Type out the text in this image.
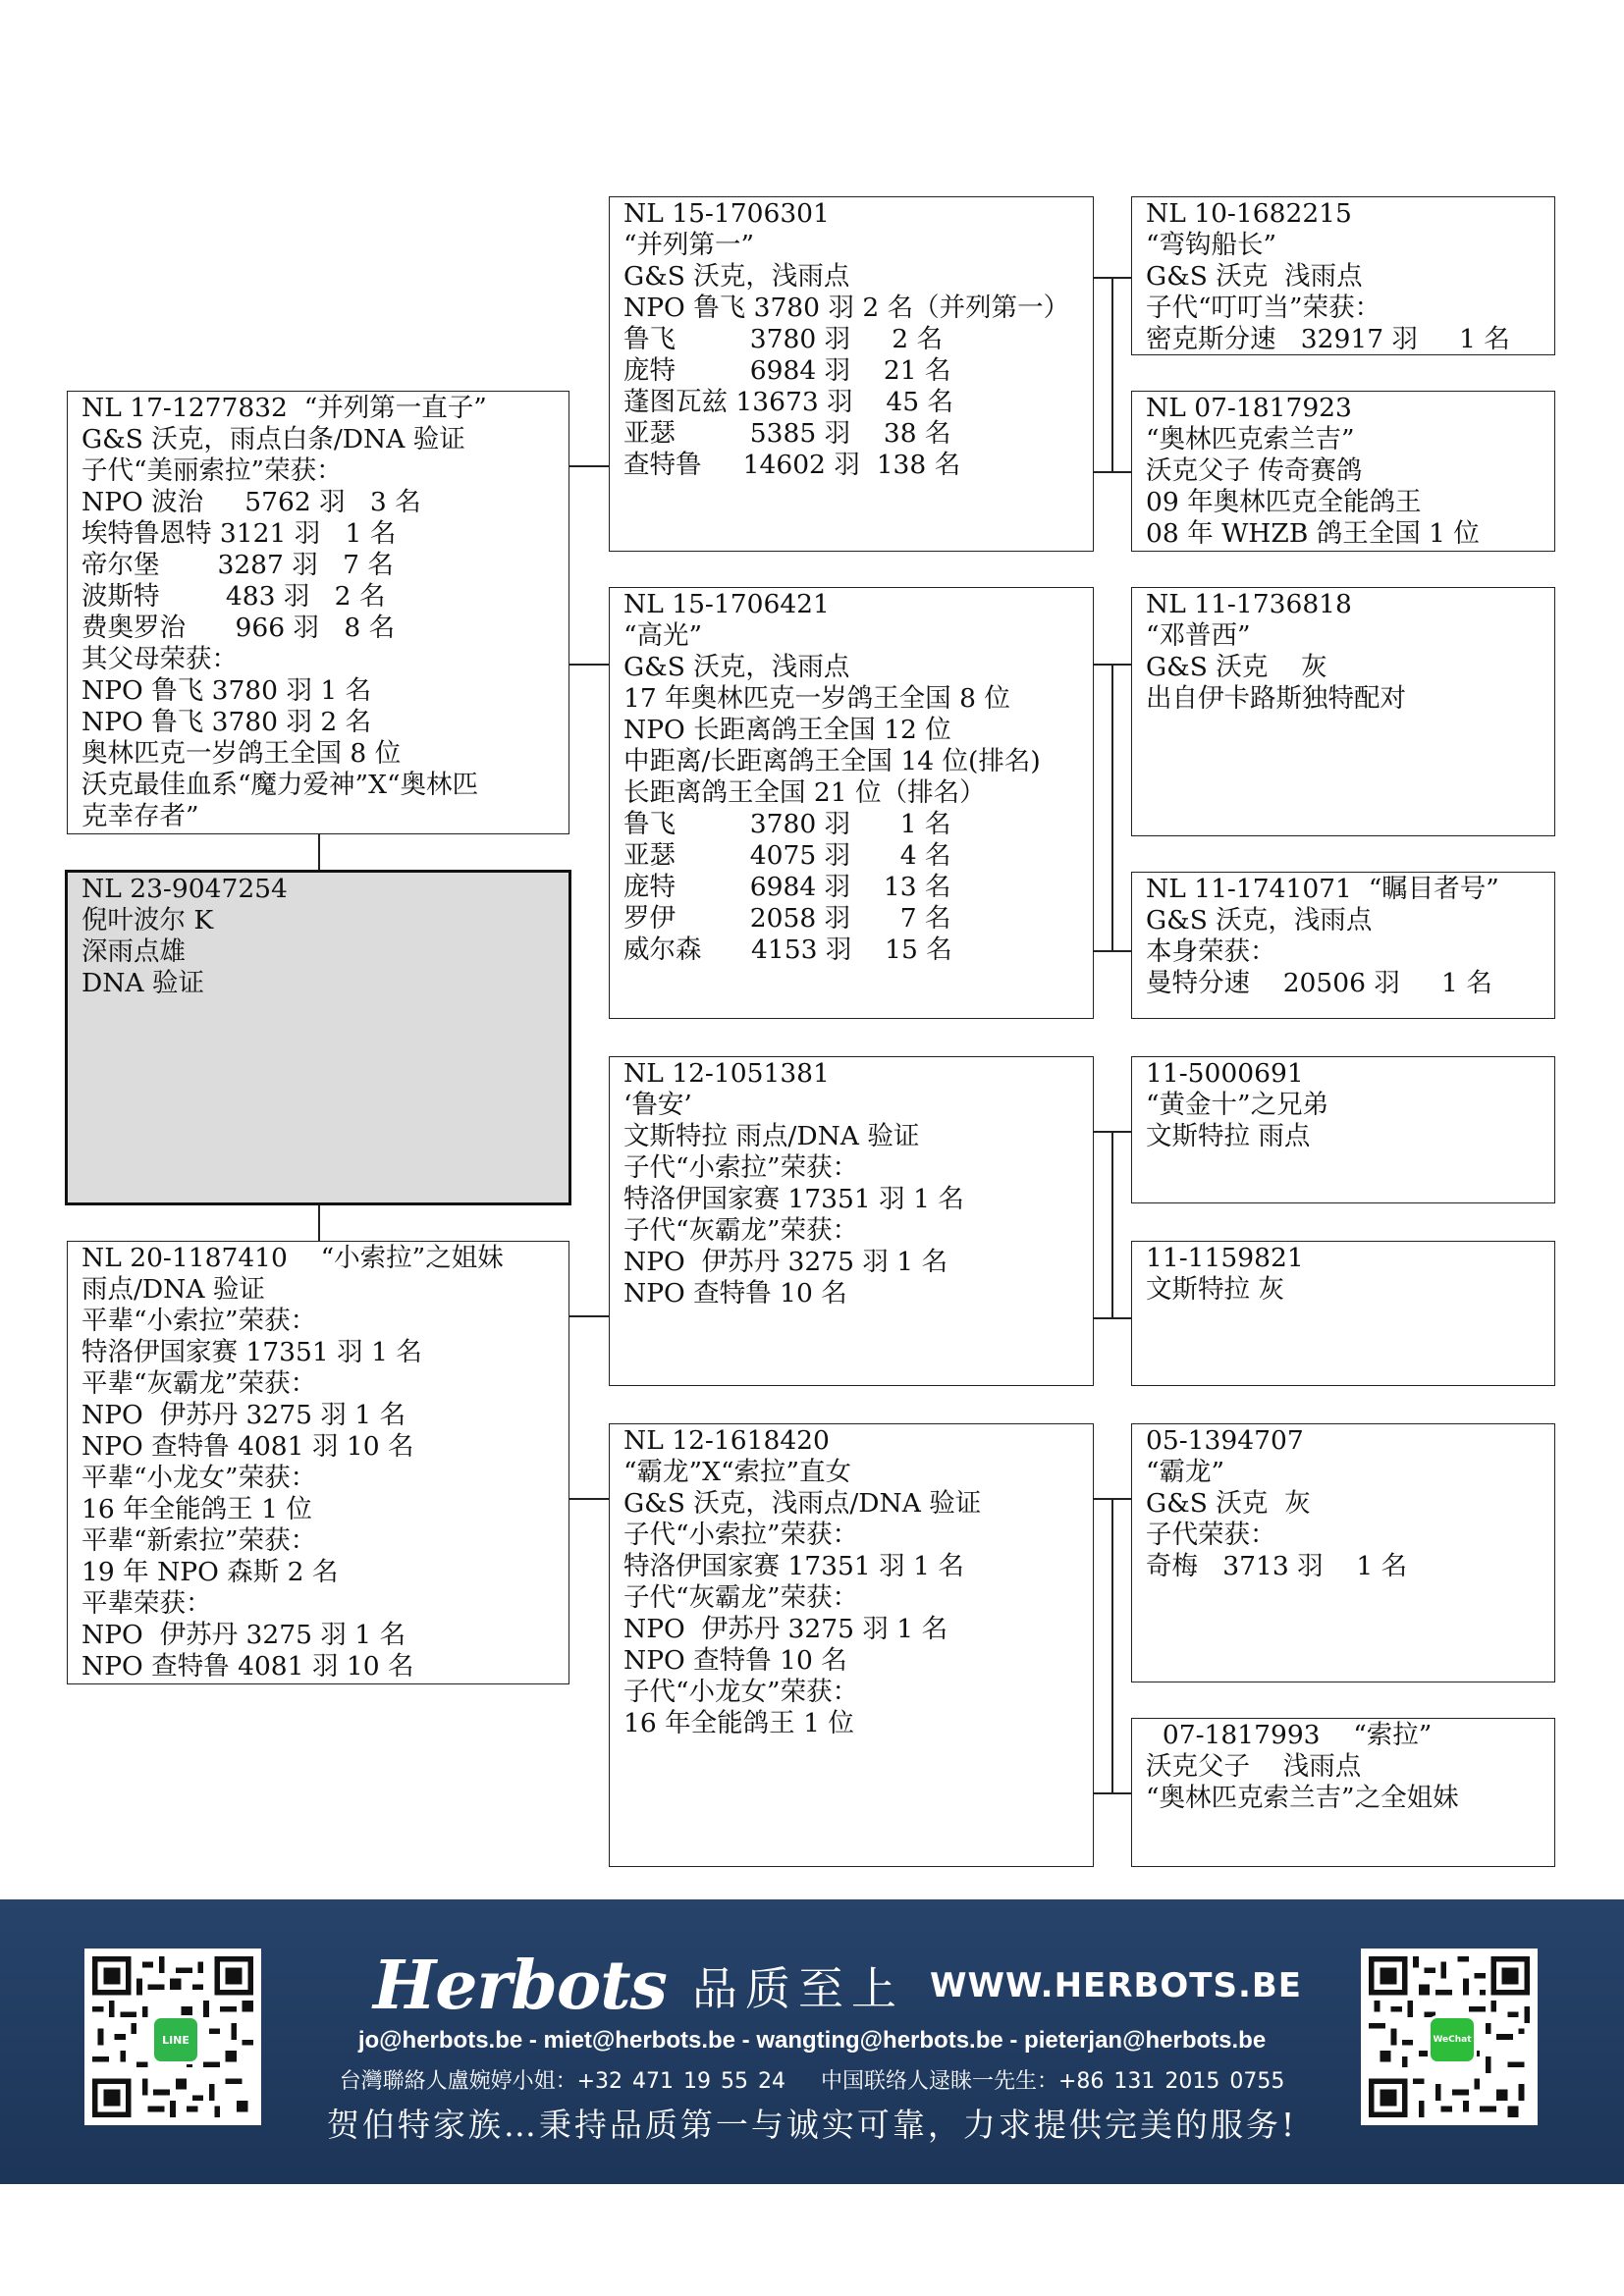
NL 15-1706301
“并列第一”
G&S 沃克，浅雨点
NPO 鲁飞 3780 羽 2 名（并列第一）
鲁飞         3780 羽     2 名
庞特         6984 羽    21 名
蓬图瓦兹 13673 羽    45 名
亚瑟         5385 羽    38 名
查特鲁     14602 羽  138 名
NL 10-1682215
“弯钩船长”
G&S 沃克  浅雨点
子代“叮叮当”荣获：
密克斯分速   32917 羽     1 名
NL 07-1817923
“奥林匹克索兰吉”
沃克父子 传奇赛鸽
09 年奥林匹克全能鸽王
08 年 WHZB 鸽王全国 1 位
NL 17-1277832  “并列第一直子”
G&S 沃克，雨点白条/DNA 验证
子代“美丽索拉”荣获：
NPO 波治     5762 羽   3 名
埃特鲁恩特 3121 羽   1 名
帝尔堡       3287 羽   7 名
波斯特        483 羽   2 名
费奥罗治      966 羽   8 名
其父母荣获：
NPO 鲁飞 3780 羽 1 名
NPO 鲁飞 3780 羽 2 名
奥林匹克一岁鸽王全国 8 位
沃克最佳血系“魔力爱神”X“奥林匹
克幸存者”
NL 15-1706421
“高光”
G&S 沃克，浅雨点
17 年奥林匹克一岁鸽王全国 8 位
NPO 长距离鸽王全国 12 位
中距离/长距离鸽王全国 14 位(排名)
长距离鸽王全国 21 位（排名）
鲁飞         3780 羽      1 名
亚瑟         4075 羽      4 名
庞特         6984 羽    13 名
罗伊         2058 羽      7 名
威尔森      4153 羽    15 名
NL 11-1736818
“邓普西”
G&S 沃克    灰
出自伊卡路斯独特配对
NL 11-1741071  “瞩目者号”
G&S 沃克，浅雨点
本身荣获：
曼特分速    20506 羽     1 名
NL 23-9047254
倪叶波尔 K
深雨点雄
DNA 验证
NL 12-1051381
‘鲁安’
文斯特拉 雨点/DNA 验证
子代“小索拉”荣获：
特洛伊国家赛 17351 羽 1 名
子代“灰霸龙”荣获：
NPO  伊苏丹 3275 羽 1 名
NPO 查特鲁 10 名
11-5000691
“黄金十”之兄弟
文斯特拉 雨点
11-1159821
文斯特拉 灰
NL 20-1187410    “小索拉”之姐妹
雨点/DNA 验证
平辈“小索拉”荣获：
特洛伊国家赛 17351 羽 1 名
平辈“灰霸龙”荣获：
NPO  伊苏丹 3275 羽 1 名
NPO 查特鲁 4081 羽 10 名
平辈“小龙女”荣获：
16 年全能鸽王 1 位
平辈“新索拉”荣获：
19 年 NPO 森斯 2 名
平辈荣获：
NPO  伊苏丹 3275 羽 1 名
NPO 查特鲁 4081 羽 10 名
NL 12-1618420
“霸龙”X“索拉”直女
G&S 沃克，浅雨点/DNA 验证
子代“小索拉”荣获：
特洛伊国家赛 17351 羽 1 名
子代“灰霸龙”荣获：
NPO  伊苏丹 3275 羽 1 名
NPO 查特鲁 10 名
子代“小龙女”荣获：
16 年全能鸽王 1 位
05-1394707
“霸龙”
G&S 沃克  灰
子代荣获：
奇梅   3713 羽    1 名
07-1817993    “索拉”
沃克父子    浅雨点
“奥林匹克索兰吉”之全姐妹
LINE
Herbots 品质至上 WWW.HERBOTS.BE
jo@herbots.be - miet@herbots.be - wangting@herbots.be - pieterjan@herbots.be
台灣聯絡人盧婉婷小姐：+32 471 19 55 24 中国联络人逯睐一先生：+86 131 2015 0755
贺伯特家族…秉持品质第一与诚实可靠，力求提供完美的服务!
WeChat
